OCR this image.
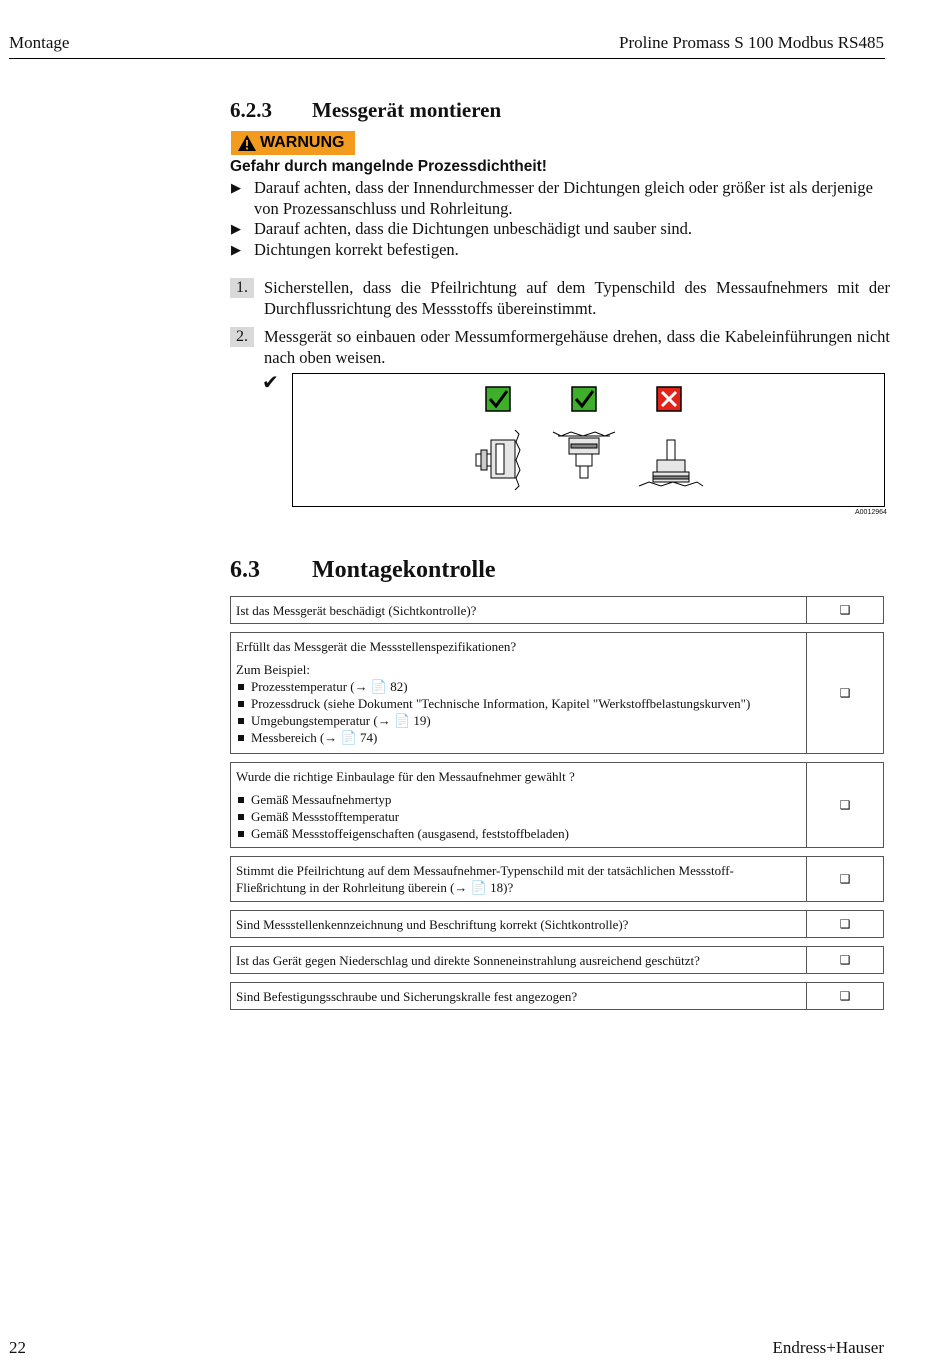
Montage	Proline Promass S 100 Modbus RS485
6.2.3 Messgerät montieren
WARNUNG
Gefahr durch mangelnde Prozessdichtheit!
▶ Darauf achten, dass der Innendurchmesser der Dichtungen gleich oder größer ist als derjenige von Prozessanschluss und Rohrleitung.
▶ Darauf achten, dass die Dichtungen unbeschädigt und sauber sind.
▶ Dichtungen korrekt befestigen.
1. Sicherstellen, dass die Pfeilrichtung auf dem Typenschild des Messaufnehmers mit der Durchflussrichtung des Messstoffs übereinstimmt.
2. Messgerät so einbauen oder Messumformergehäuse drehen, dass die Kabeleinführungen nicht nach oben weisen.
✔
A0012964
6.3 Montagekontrolle
Ist das Messgerät beschädigt (Sichtkontrolle)?	❑
Erfüllt das Messgerät die Messstellenspezifikationen?
Zum Beispiel:
Prozesstemperatur (→ 📄 82)
Prozessdruck (siehe Dokument "Technische Information, Kapitel "Werkstoffbelastungskurven")
Umgebungstemperatur (→ 📄 19)
Messbereich (→ 📄 74)
❑
Wurde die richtige Einbaulage für den Messaufnehmer gewählt ?
Gemäß Messaufnehmertyp
Gemäß Messstofftemperatur
Gemäß Messstoffeigenschaften (ausgasend, feststoffbeladen)
❑
Stimmt die Pfeilrichtung auf dem Messaufnehmer-Typenschild mit der tatsächlichen Messstoff-Fließrichtung in der Rohrleitung überein (→ 📄 18)?
❑
Sind Messstellenkennzeichnung und Beschriftung korrekt (Sichtkontrolle)?	❑
Ist das Gerät gegen Niederschlag und direkte Sonneneinstrahlung ausreichend geschützt?	❑
Sind Befestigungsschraube und Sicherungskralle fest angezogen?	❑
22	Endress+Hauser
